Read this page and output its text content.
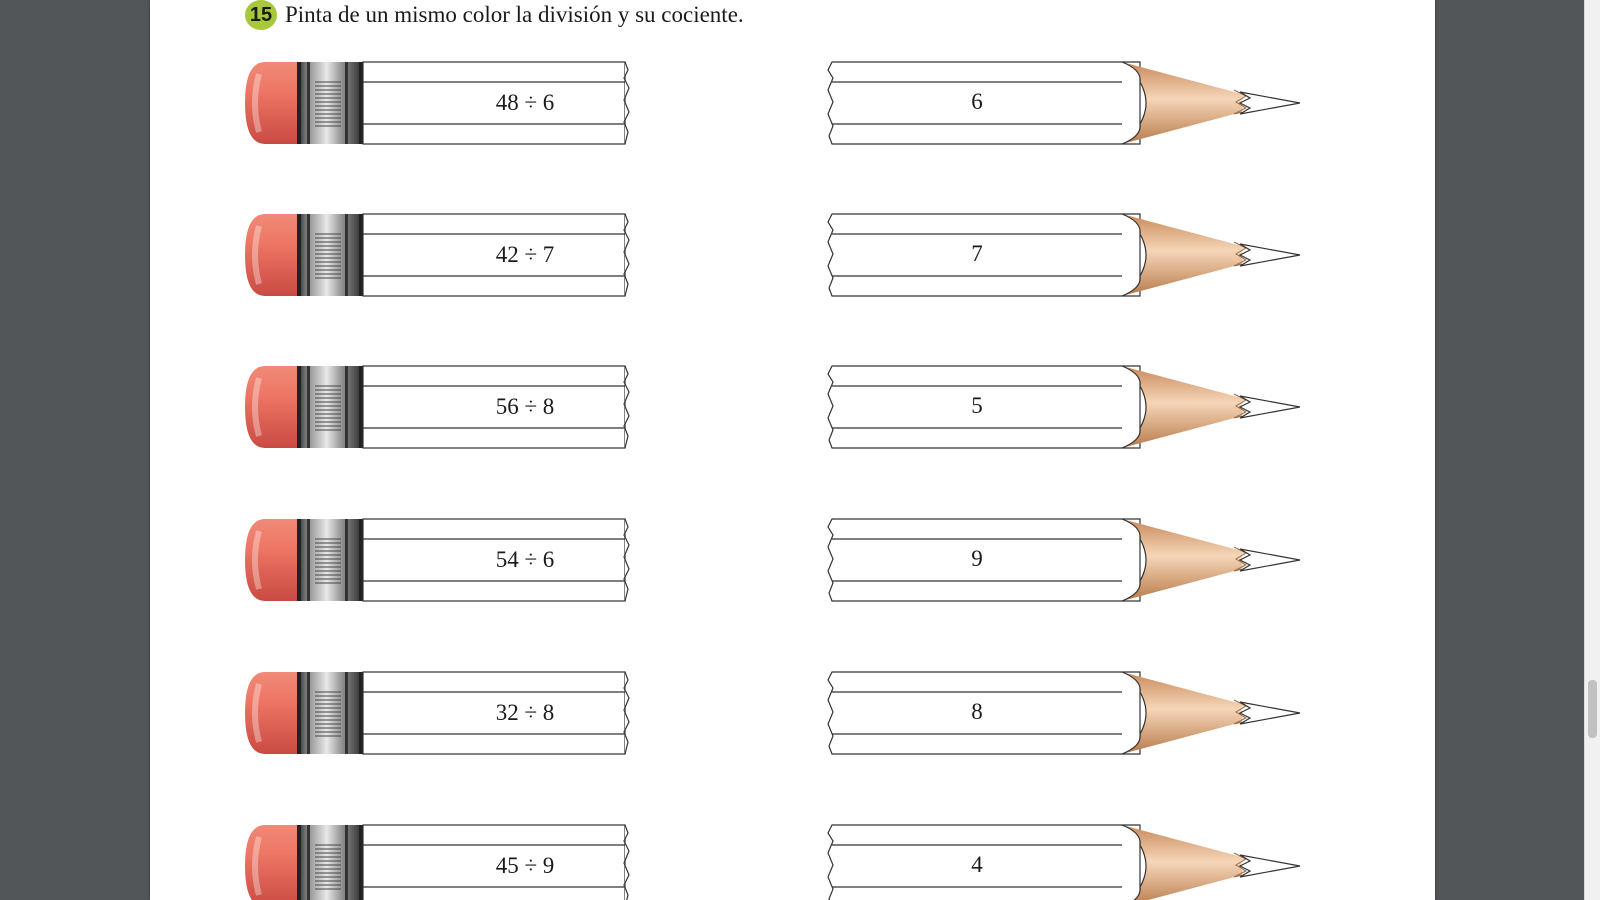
15 Pinta de un mismo color la división y su cociente.
48 ÷ 6	6
42 ÷ 7	7
56 ÷ 8	5
54 ÷ 6	9
32 ÷ 8	8
45 ÷ 9	4
